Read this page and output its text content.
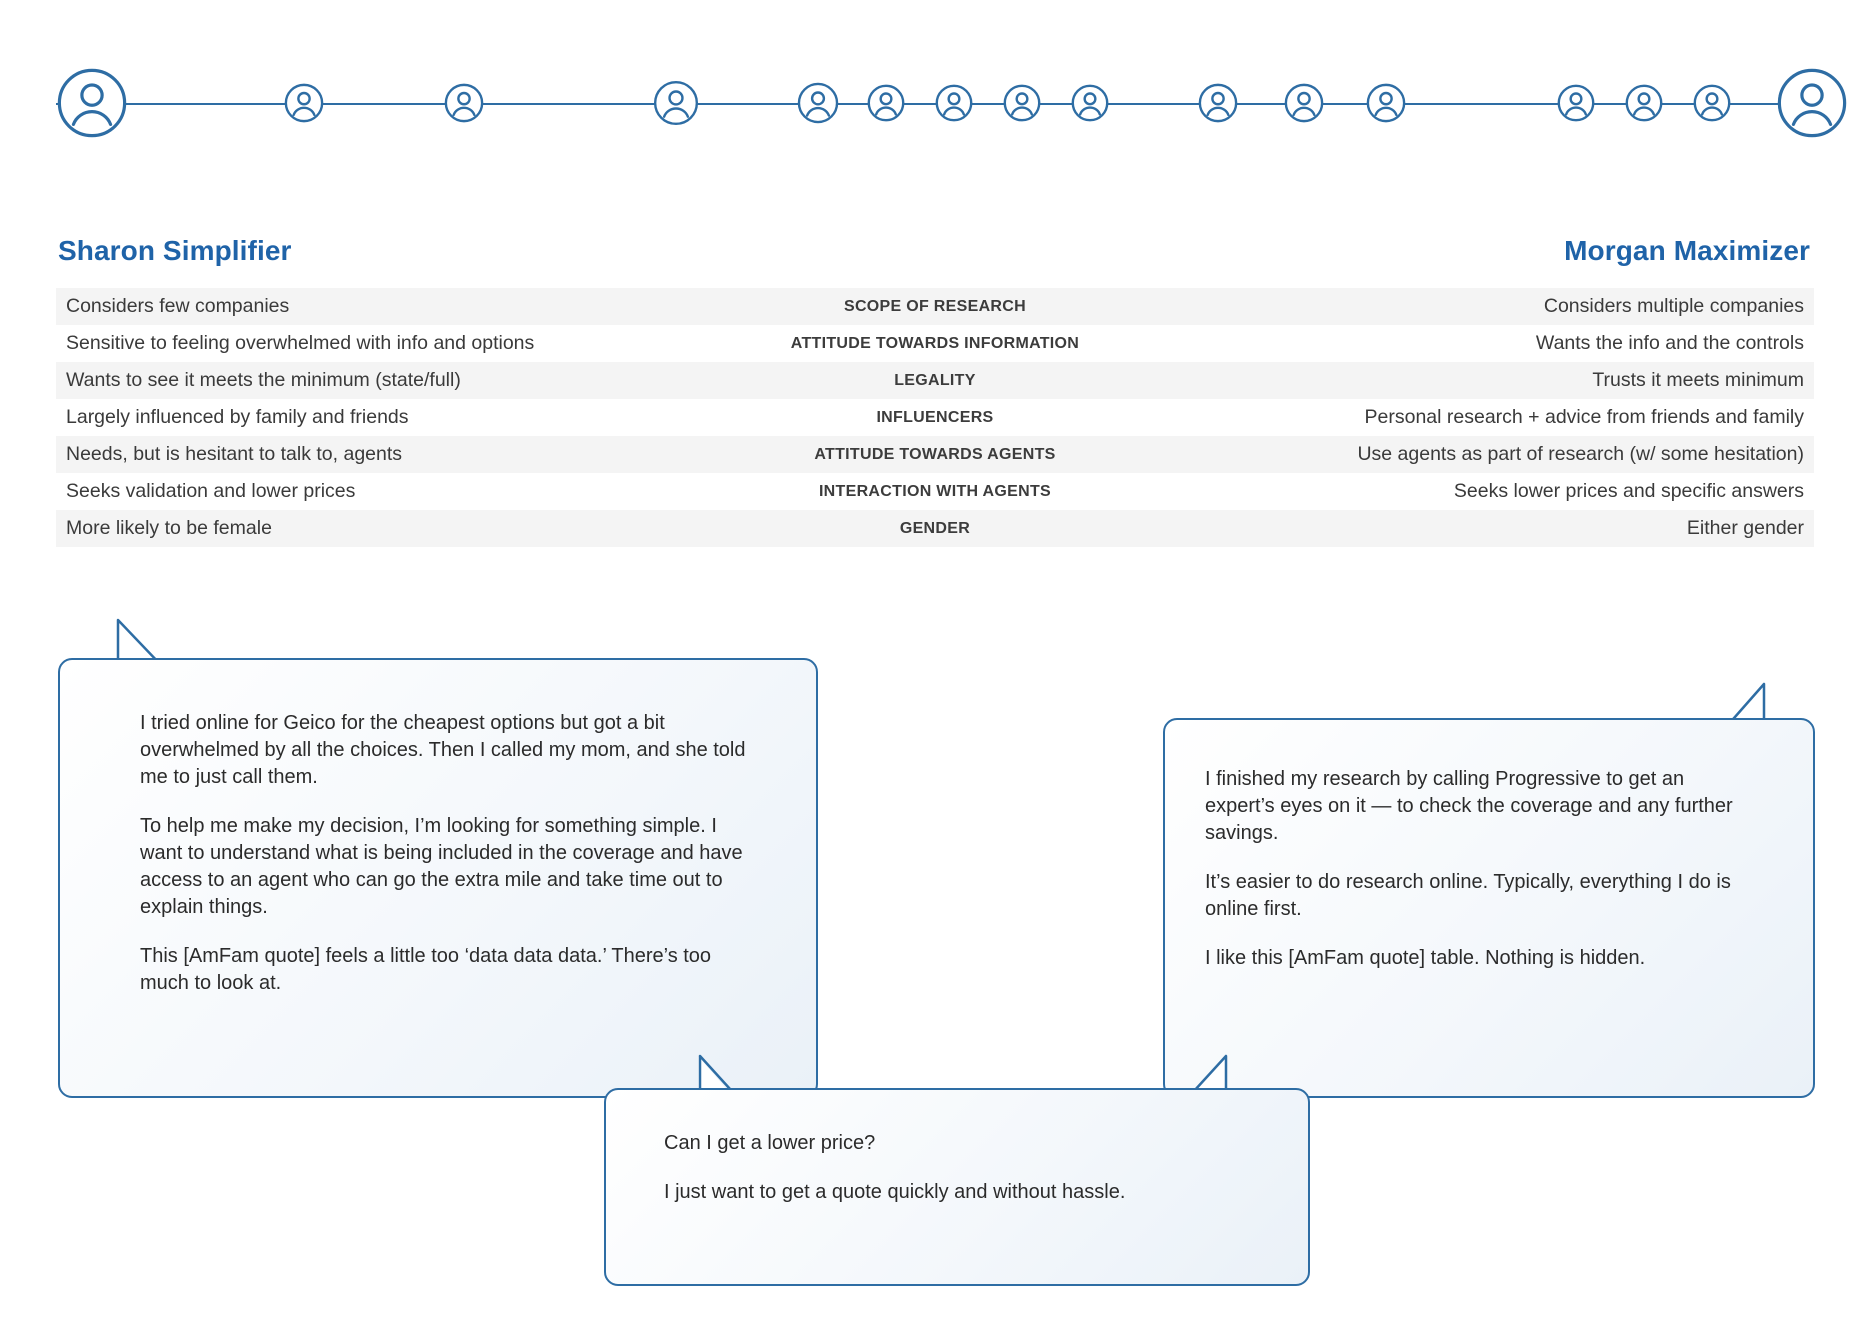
Sharon Simplifier	Morgan Maximizer
Considers few companies	SCOPE OF RESEARCH	Considers multiple companies
Sensitive to feeling overwhelmed with info and options	ATTITUDE TOWARDS INFORMATION	Wants the info and the controls
Wants to see it meets the minimum (state/full)	LEGALITY	Trusts it meets minimum
Largely influenced by family and friends	INFLUENCERS	Personal research + advice from friends and family
Needs, but is hesitant to talk to, agents	ATTITUDE TOWARDS AGENTS	Use agents as part of research (w/ some hesitation)
Seeks validation and lower prices	INTERACTION WITH AGENTS	Seeks lower prices and specific answers
More likely to be female	GENDER	Either gender

I tried online for Geico for the cheapest options but got a bit overwhelmed by all the choices. Then I called my mom, and she told me to just call them.

To help me make my decision, I’m looking for something simple. I want to understand what is being included in the coverage and have access to an agent who can go the extra mile and take time out to explain things.

This [AmFam quote] feels a little too ‘data data data.’ There’s too much to look at.

I finished my research by calling Progressive to get an expert’s eyes on it — to check the coverage and any further savings.

It’s easier to do research online. Typically, everything I do is online first.

I like this [AmFam quote] table. Nothing is hidden.

Can I get a lower price?

I just want to get a quote quickly and without hassle.
